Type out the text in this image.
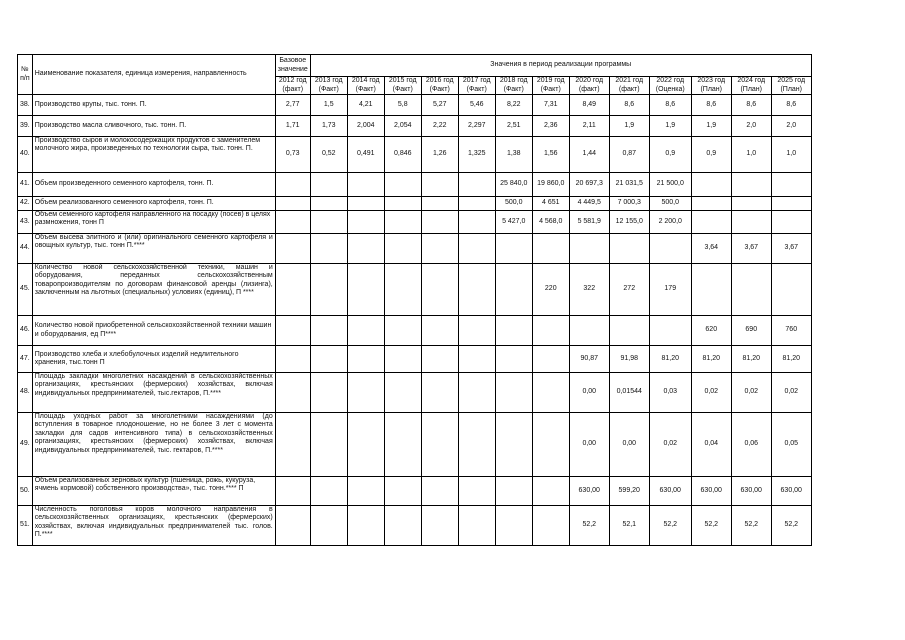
№ п/п	Наименование показателя, единица измерения, направленность	Базовое значение	Значения в период реализации программы												
		2012 год (факт)	2013 год (Факт)	2014 год (Факт)	2015 год (Факт)	2016 год (Факт)	2017 год (Факт)	2018 год (Факт)	2019 год (Факт)	2020 год (факт)	2021 год (факт)	2022 год (Оценка)	2023 год (План)	2024 год (План)	2025 год (План)
38.	Производство крупы, тыс. тонн. П.	2,77	1,5	4,21	5,8	5,27	5,46	8,22	7,31	8,49	8,6	8,6	8,6	8,6	8,6
39.	Производство масла сливочного, тыс. тонн. П.	1,71	1,73	2,004	2,054	2,22	2,297	2,51	2,36	2,11	1,9	1,9	1,9	2,0	2,0
40.	Производство сыров и молокосодержащих продуктов с заменителем молочного жира, произведенных по технологии сыра, тыс. тонн. П.	0,73	0,52	0,491	0,846	1,26	1,325	1,38	1,56	1,44	0,87	0,9	0,9	1,0	1,0
41.	Объем произведенного семенного картофеля, тонн. П.							25 840,0	19 860,0	20 697,3	21 031,5	21 500,0			
42.	Объем реализованного семенного картофеля, тонн. П.							500,0	4 651	4 449,5	7 000,3	500,0			
43.	Объем семенного картофеля направленного на посадку (посев) в целях размножения, тонн П							5 427,0	4 568,0	5 581,9	12 155,0	2 200,0			
44.	Объем высева элитного и (или) оригинального семенного картофеля и овощных культур, тыс. тонн П.****												3,64	3,67	3,67
45.	Количество новой сельскохозяйственной техники, машин и оборудования, переданных сельскохозяйственным товаропроизводителям по договорам финансовой аренды (лизинга), заключенным на льготных (специальных) условиях (единиц), П ****								220	322	272	179			
46.	Количество новой приобретенной сельскохозяйственной техники машин и оборудования, ед П****												620	690	760
47.	Производство хлеба и хлебобулочных изделий недлительного хранения, тыс.тонн П									90,87	91,98	81,20	81,20	81,20	81,20
48.	Площадь закладки многолетних насаждений в сельскохозяйственных организациях, крестьянских (фермерских) хозяйствах, включая индивидуальных предпринимателей, тыс.гектаров, П.****									0,00	0,01544	0,03	0,02	0,02	0,02
49.	Площадь уходных работ за многолетними насаждениями (до вступления в товарное плодоношение, но не более 3 лет с момента закладки для садов интенсивного типа) в сельскохозяйственных организациях, крестьянских (фермерских) хозяйствах, включая индивидуальных предпринимателей, тыс. гектаров, П.****									0,00	0,00	0,02	0,04	0,06	0,05
50.	Объем реализованных зерновых культур (пшеница, рожь, кукуруза, ячмень кормовой) собственного производства», тыс. тонн.**** П									630,00	599,20	630,00	630,00	630,00	630,00
51.	Численность поголовья коров молочного направления в сельскохозяйственных организациях, крестьянских (фермерских) хозяйствах, включая индивидуальных предпринимателей тыс. голов. П.****									52,2	52,1	52,2	52,2	52,2	52,2
